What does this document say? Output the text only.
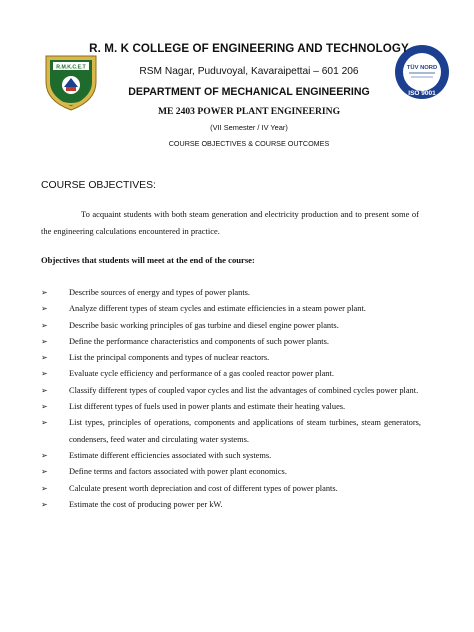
R.M.K.C.E.T	TÜV NORD
ISO 9001
R. M. K COLLEGE OF ENGINEERING AND TECHNOLOGY
RSM Nagar, Puduvoyal, Kavaraipettai – 601 206
DEPARTMENT OF MECHANICAL ENGINEERING
ME 2403 POWER PLANT ENGINEERING
(VII Semester / IV Year)
COURSE OBJECTIVES & COURSE OUTCOMES
COURSE OBJECTIVES:

To acquaint students with both steam generation and electricity production and to present some of the engineering calculations encountered in practice.

Objectives that students will meet at the end of the course:
➢	Describe sources of energy and types of power plants.
➢	Analyze different types of steam cycles and estimate efficiencies in a steam power plant.
➢	Describe basic working principles of gas turbine and diesel engine power plants.
➢	Define the performance characteristics and components of such power plants.
➢	List the principal components and types of nuclear reactors.
➢	Evaluate cycle efficiency and performance of a gas cooled reactor power plant.
➢	Classify different types of coupled vapor cycles and list the advantages of combined cycles power plant.
➢	List different types of fuels used in power plants and estimate their heating values.
➢	List types, principles of operations, components and applications of steam turbines, steam generators, condensers, feed water and circulating water systems.
➢	Estimate different efficiencies associated with such systems.
➢	Define terms and factors associated with power plant economics.
➢	Calculate present worth depreciation and cost of different types of power plants.
➢	Estimate the cost of producing power per kW.
